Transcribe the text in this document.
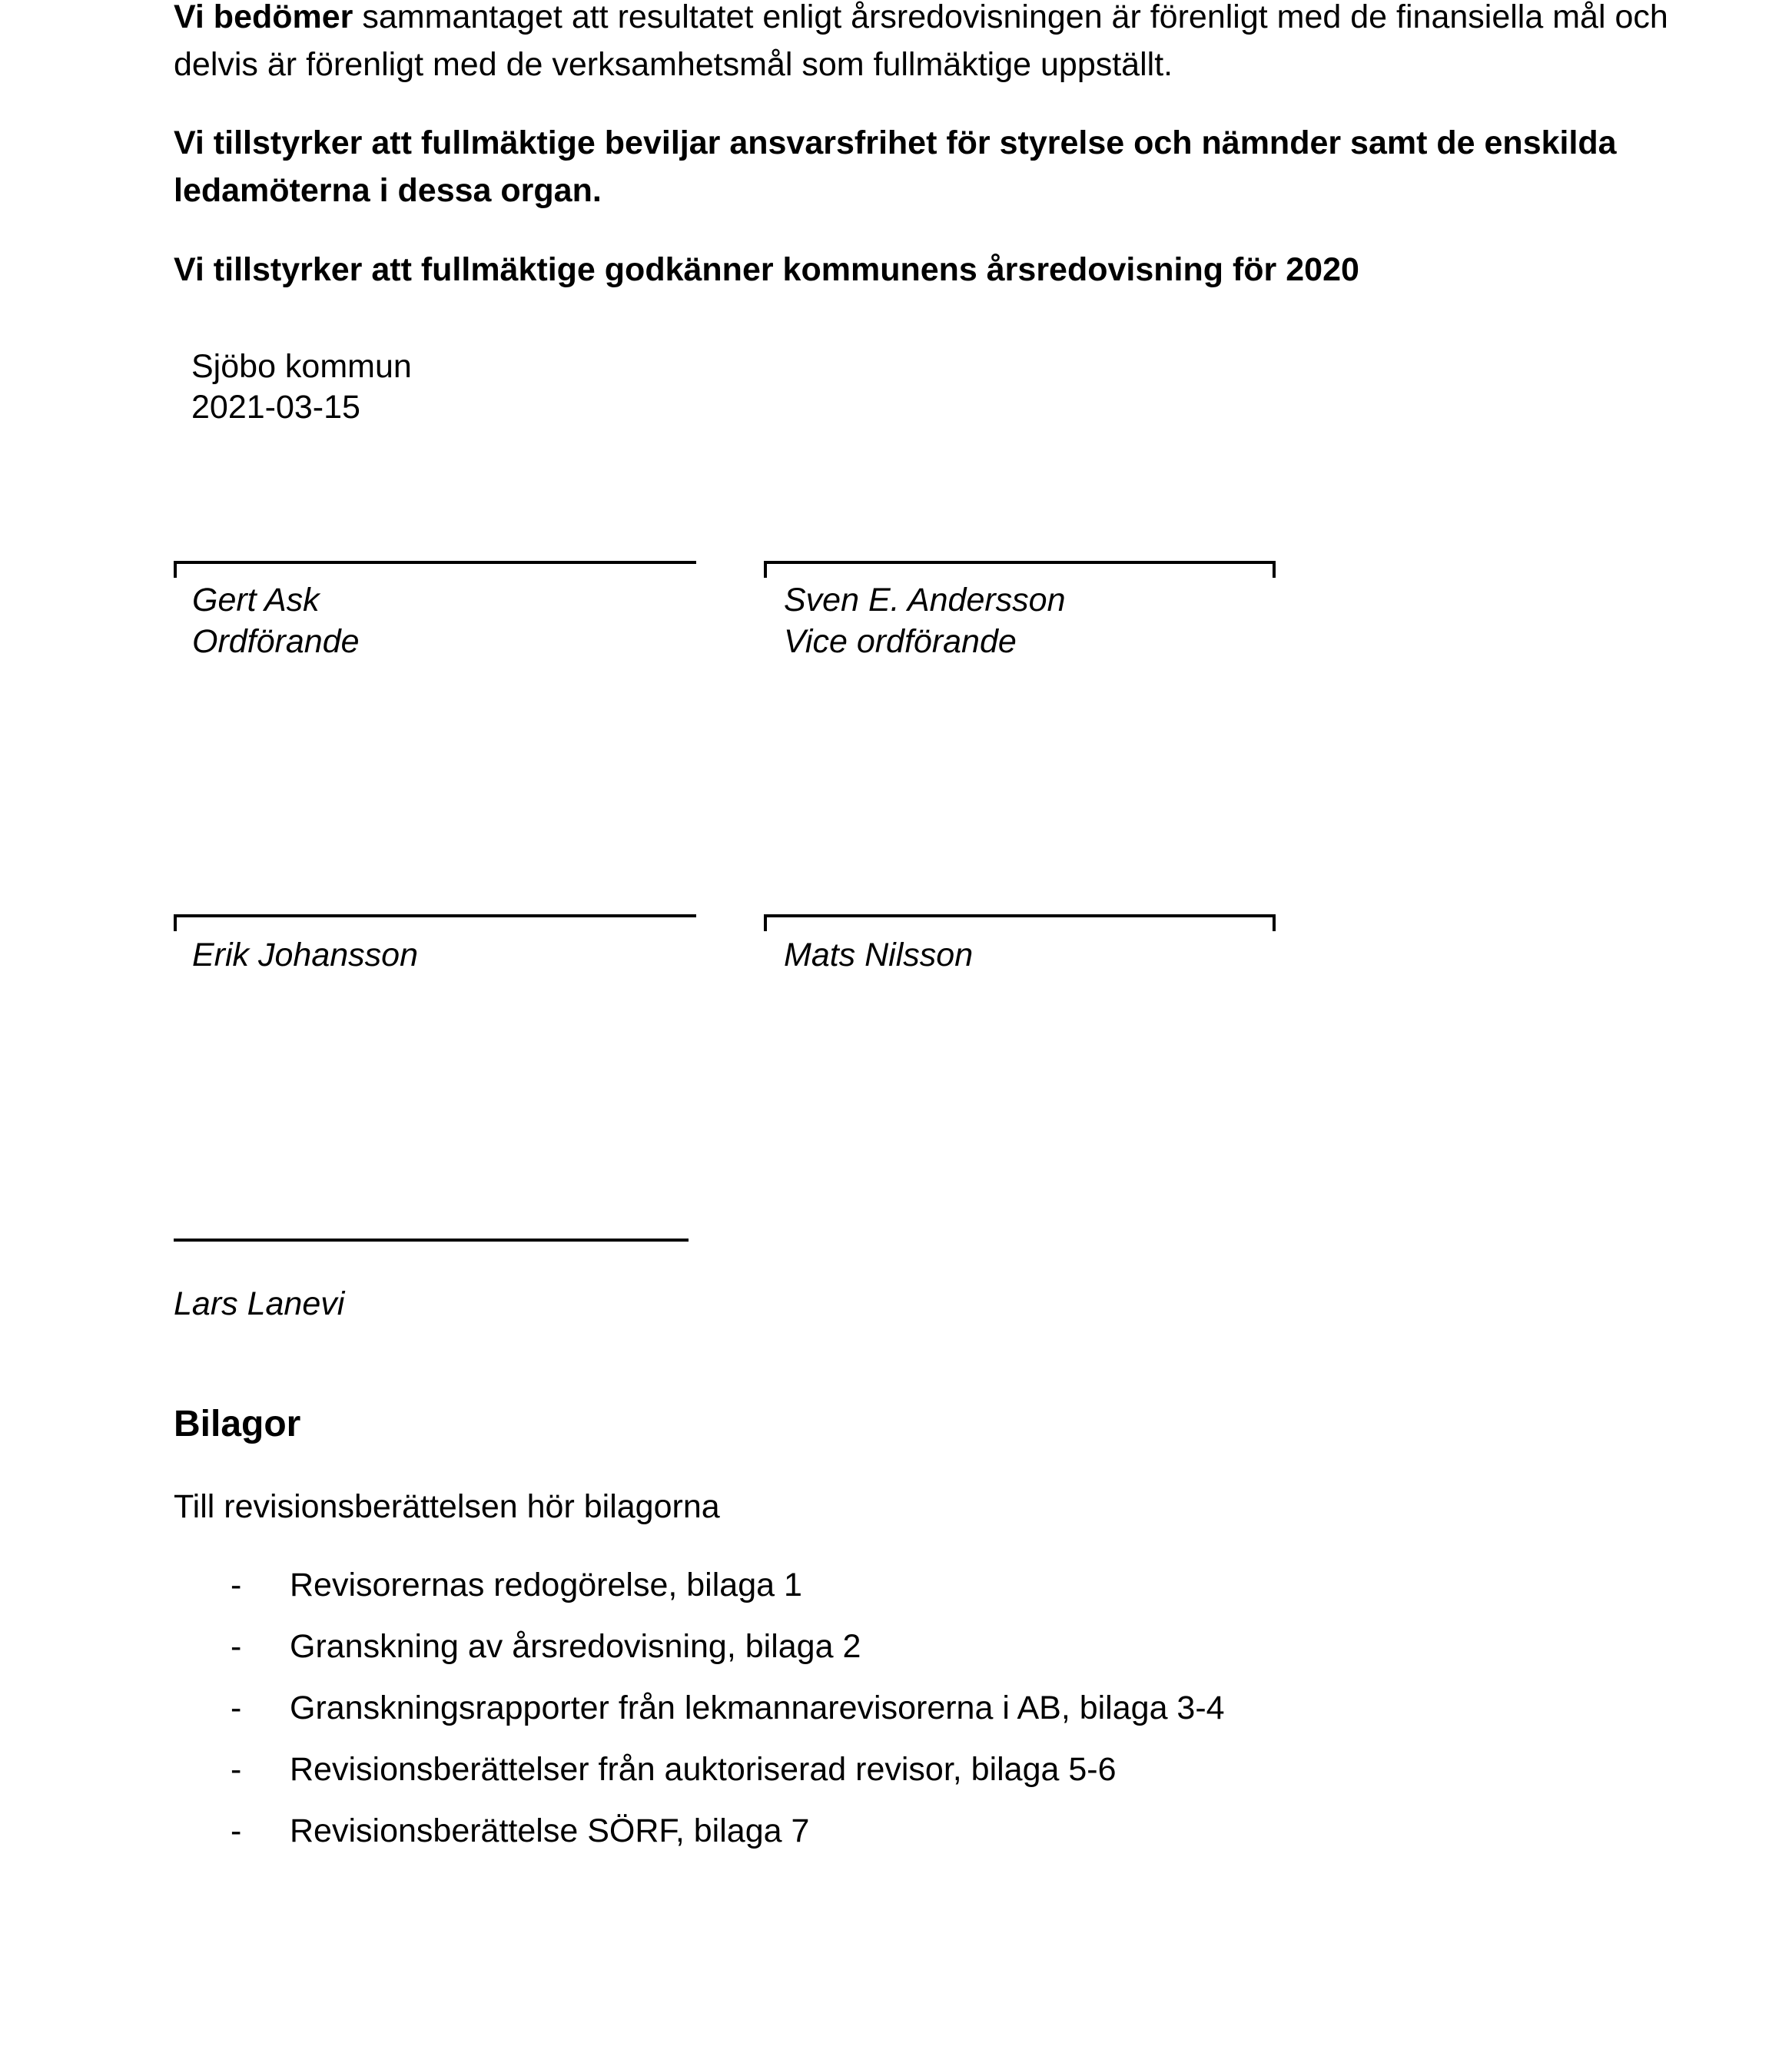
Vi bedömer sammantaget att resultatet enligt årsredovisningen är förenligt med de finansiella mål och delvis är förenligt med de verksamhetsmål som fullmäktige uppställt.

Vi tillstyrker att fullmäktige beviljar ansvarsfrihet för styrelse och nämnder samt de enskilda ledamöterna i dessa organ.

Vi tillstyrker att fullmäktige godkänner kommunens årsredovisning för 2020

Sjöbo kommun
2021-03-15
Gert Ask
Ordförande
Sven E. Andersson
Vice ordförande
Erik Johansson	Mats Nilsson
Lars Lanevi
Bilagor
Till revisionsberättelsen hör bilagorna
- Revisorernas redogörelse, bilaga 1
- Granskning av årsredovisning, bilaga 2
- Granskningsrapporter från lekmannarevisorerna i AB, bilaga 3-4
- Revisionsberättelser från auktoriserad revisor, bilaga 5-6
- Revisionsberättelse SÖRF, bilaga 7
